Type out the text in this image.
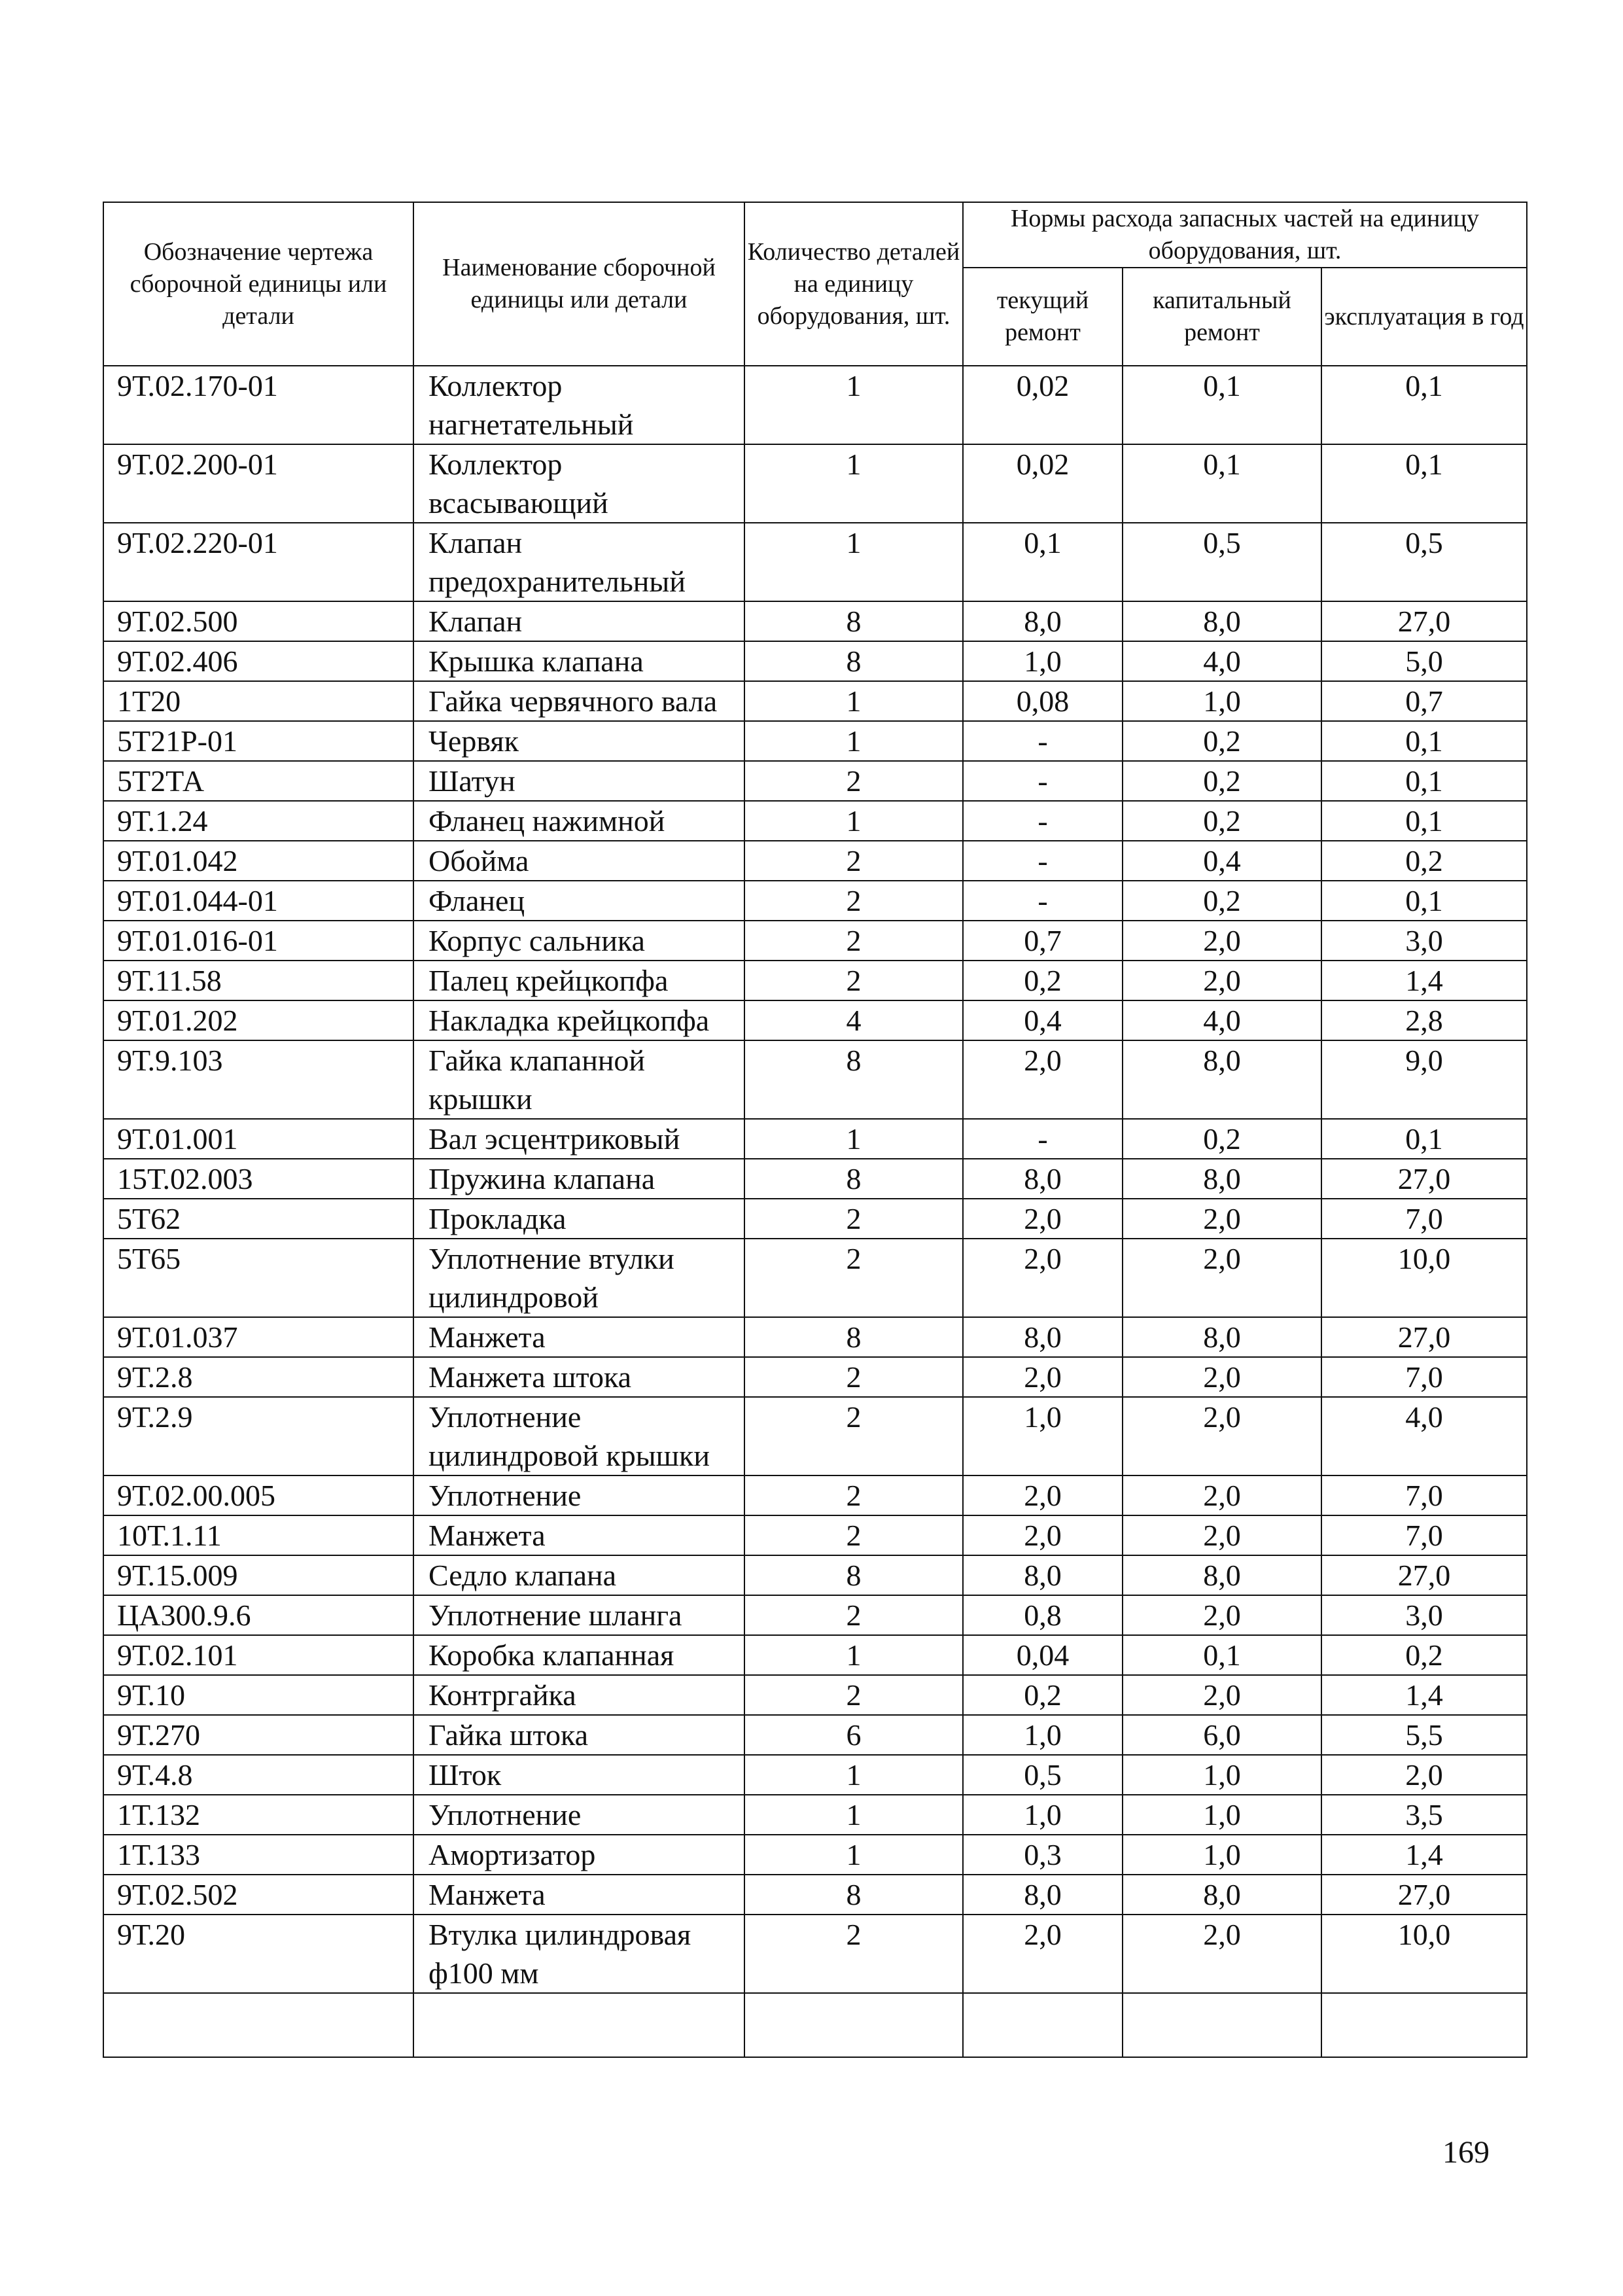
Обозначение чертежа сборочной единицы или детали	Наименование сборочной единицы или детали	Количество деталей на единицу оборудования, шт.	Нормы расхода запасных частей на единицу оборудования, шт.		
			текущий ремонт	капитальный ремонт	эксплуатация в год
9Т.02.170-01	Коллектор нагнетательный	1	0,02	0,1	0,1
9Т.02.200-01	Коллектор всасывающий	1	0,02	0,1	0,1
9Т.02.220-01	Клапан предохранительный	1	0,1	0,5	0,5
9Т.02.500	Клапан	8	8,0	8,0	27,0
9Т.02.406	Крышка клапана	8	1,0	4,0	5,0
1Т20	Гайка червячного вала	1	0,08	1,0	0,7
5Т21Р-01	Червяк	1	-	0,2	0,1
5Т2ТА	Шатун	2	-	0,2	0,1
9Т.1.24	Фланец нажимной	1	-	0,2	0,1
9Т.01.042	Обойма	2	-	0,4	0,2
9Т.01.044-01	Фланец	2	-	0,2	0,1
9Т.01.016-01	Корпус сальника	2	0,7	2,0	3,0
9Т.11.58	Палец крейцкопфа	2	0,2	2,0	1,4
9Т.01.202	Накладка крейцкопфа	4	0,4	4,0	2,8
9Т.9.103	Гайка клапанной крышки	8	2,0	8,0	9,0
9Т.01.001	Вал эсцентриковый	1	-	0,2	0,1
15Т.02.003	Пружина клапана	8	8,0	8,0	27,0
5Т62	Прокладка	2	2,0	2,0	7,0
5Т65	Уплотнение втулки цилиндровой	2	2,0	2,0	10,0
9Т.01.037	Манжета	8	8,0	8,0	27,0
9Т.2.8	Манжета штока	2	2,0	2,0	7,0
9Т.2.9	Уплотнение цилиндровой крышки	2	1,0	2,0	4,0
9Т.02.00.005	Уплотнение	2	2,0	2,0	7,0
10Т.1.11	Манжета	2	2,0	2,0	7,0
9Т.15.009	Седло клапана	8	8,0	8,0	27,0
ЦА300.9.6	Уплотнение шланга	2	0,8	2,0	3,0
9Т.02.101	Коробка клапанная	1	0,04	0,1	0,2
9Т.10	Контргайка	2	0,2	2,0	1,4
9Т.270	Гайка штока	6	1,0	6,0	5,5
9Т.4.8	Шток	1	0,5	1,0	2,0
1Т.132	Уплотнение	1	1,0	1,0	3,5
1Т.133	Амортизатор	1	0,3	1,0	1,4
9Т.02.502	Манжета	8	8,0	8,0	27,0
9Т.20	Втулка цилиндровая ф100 мм	2	2,0	2,0	10,0

169
